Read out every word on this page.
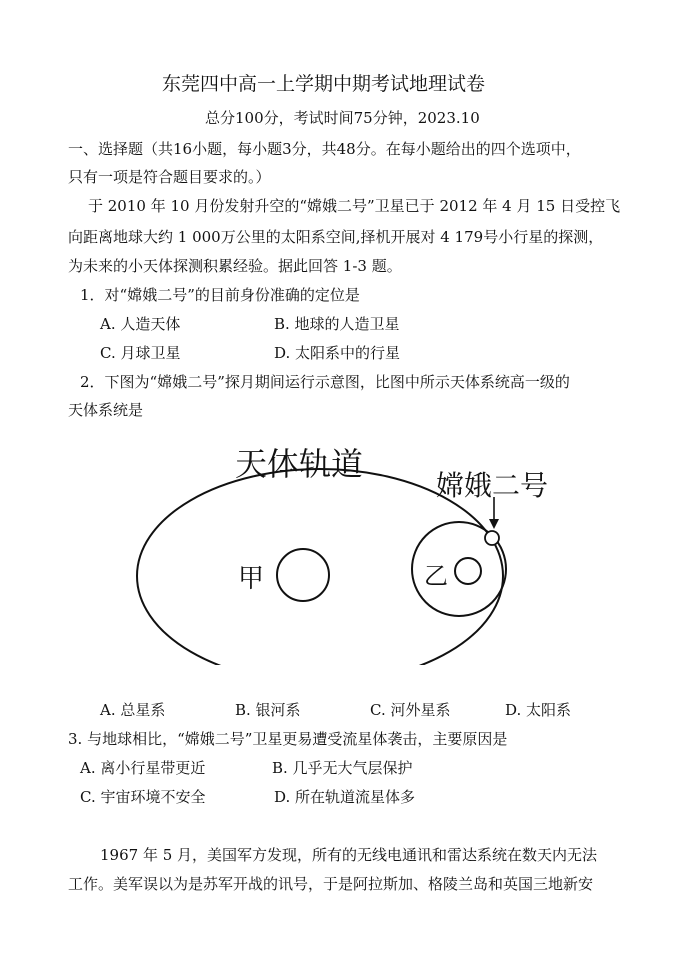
东莞四中高一上学期中期考试地理试卷
总分100分，考试时间75分钟，2023.10
一、选择题（共16小题，每小题3分，共48分。在每小题给出的四个选项中，
只有一项是符合题目要求的。）
于 2010 年 10 月份发射升空的“嫦娥二号”卫星已于 2012 年 4 月 15 日受控飞
向距离地球大约 1 000万公里的太阳系空间,择机开展对 4 179号小行星的探测，
为未来的小天体探测积累经验。据此回答 1-3 题。
1．对“嫦娥二号”的目前身份准确的定位是
A. 人造天体	B. 地球的人造卫星
C. 月球卫星	D. 太阳系中的行星
2．下图为“嫦娥二号”探月期间运行示意图，比图中所示天体系统高一级的
天体系统是
天体轨道
嫦娥二号
甲	乙
A. 总星系	B. 银河系	C. 河外星系	D. 太阳系
3. 与地球相比，“嫦娥二号”卫星更易遭受流星体袭击，主要原因是
A. 离小行星带更近	B. 几乎无大气层保护
C. 宇宙环境不安全	D. 所在轨道流星体多
1967 年 5 月，美国军方发现，所有的无线电通讯和雷达系统在数天内无法
工作。美军误以为是苏军开战的讯号，于是阿拉斯加、格陵兰岛和英国三地新安
